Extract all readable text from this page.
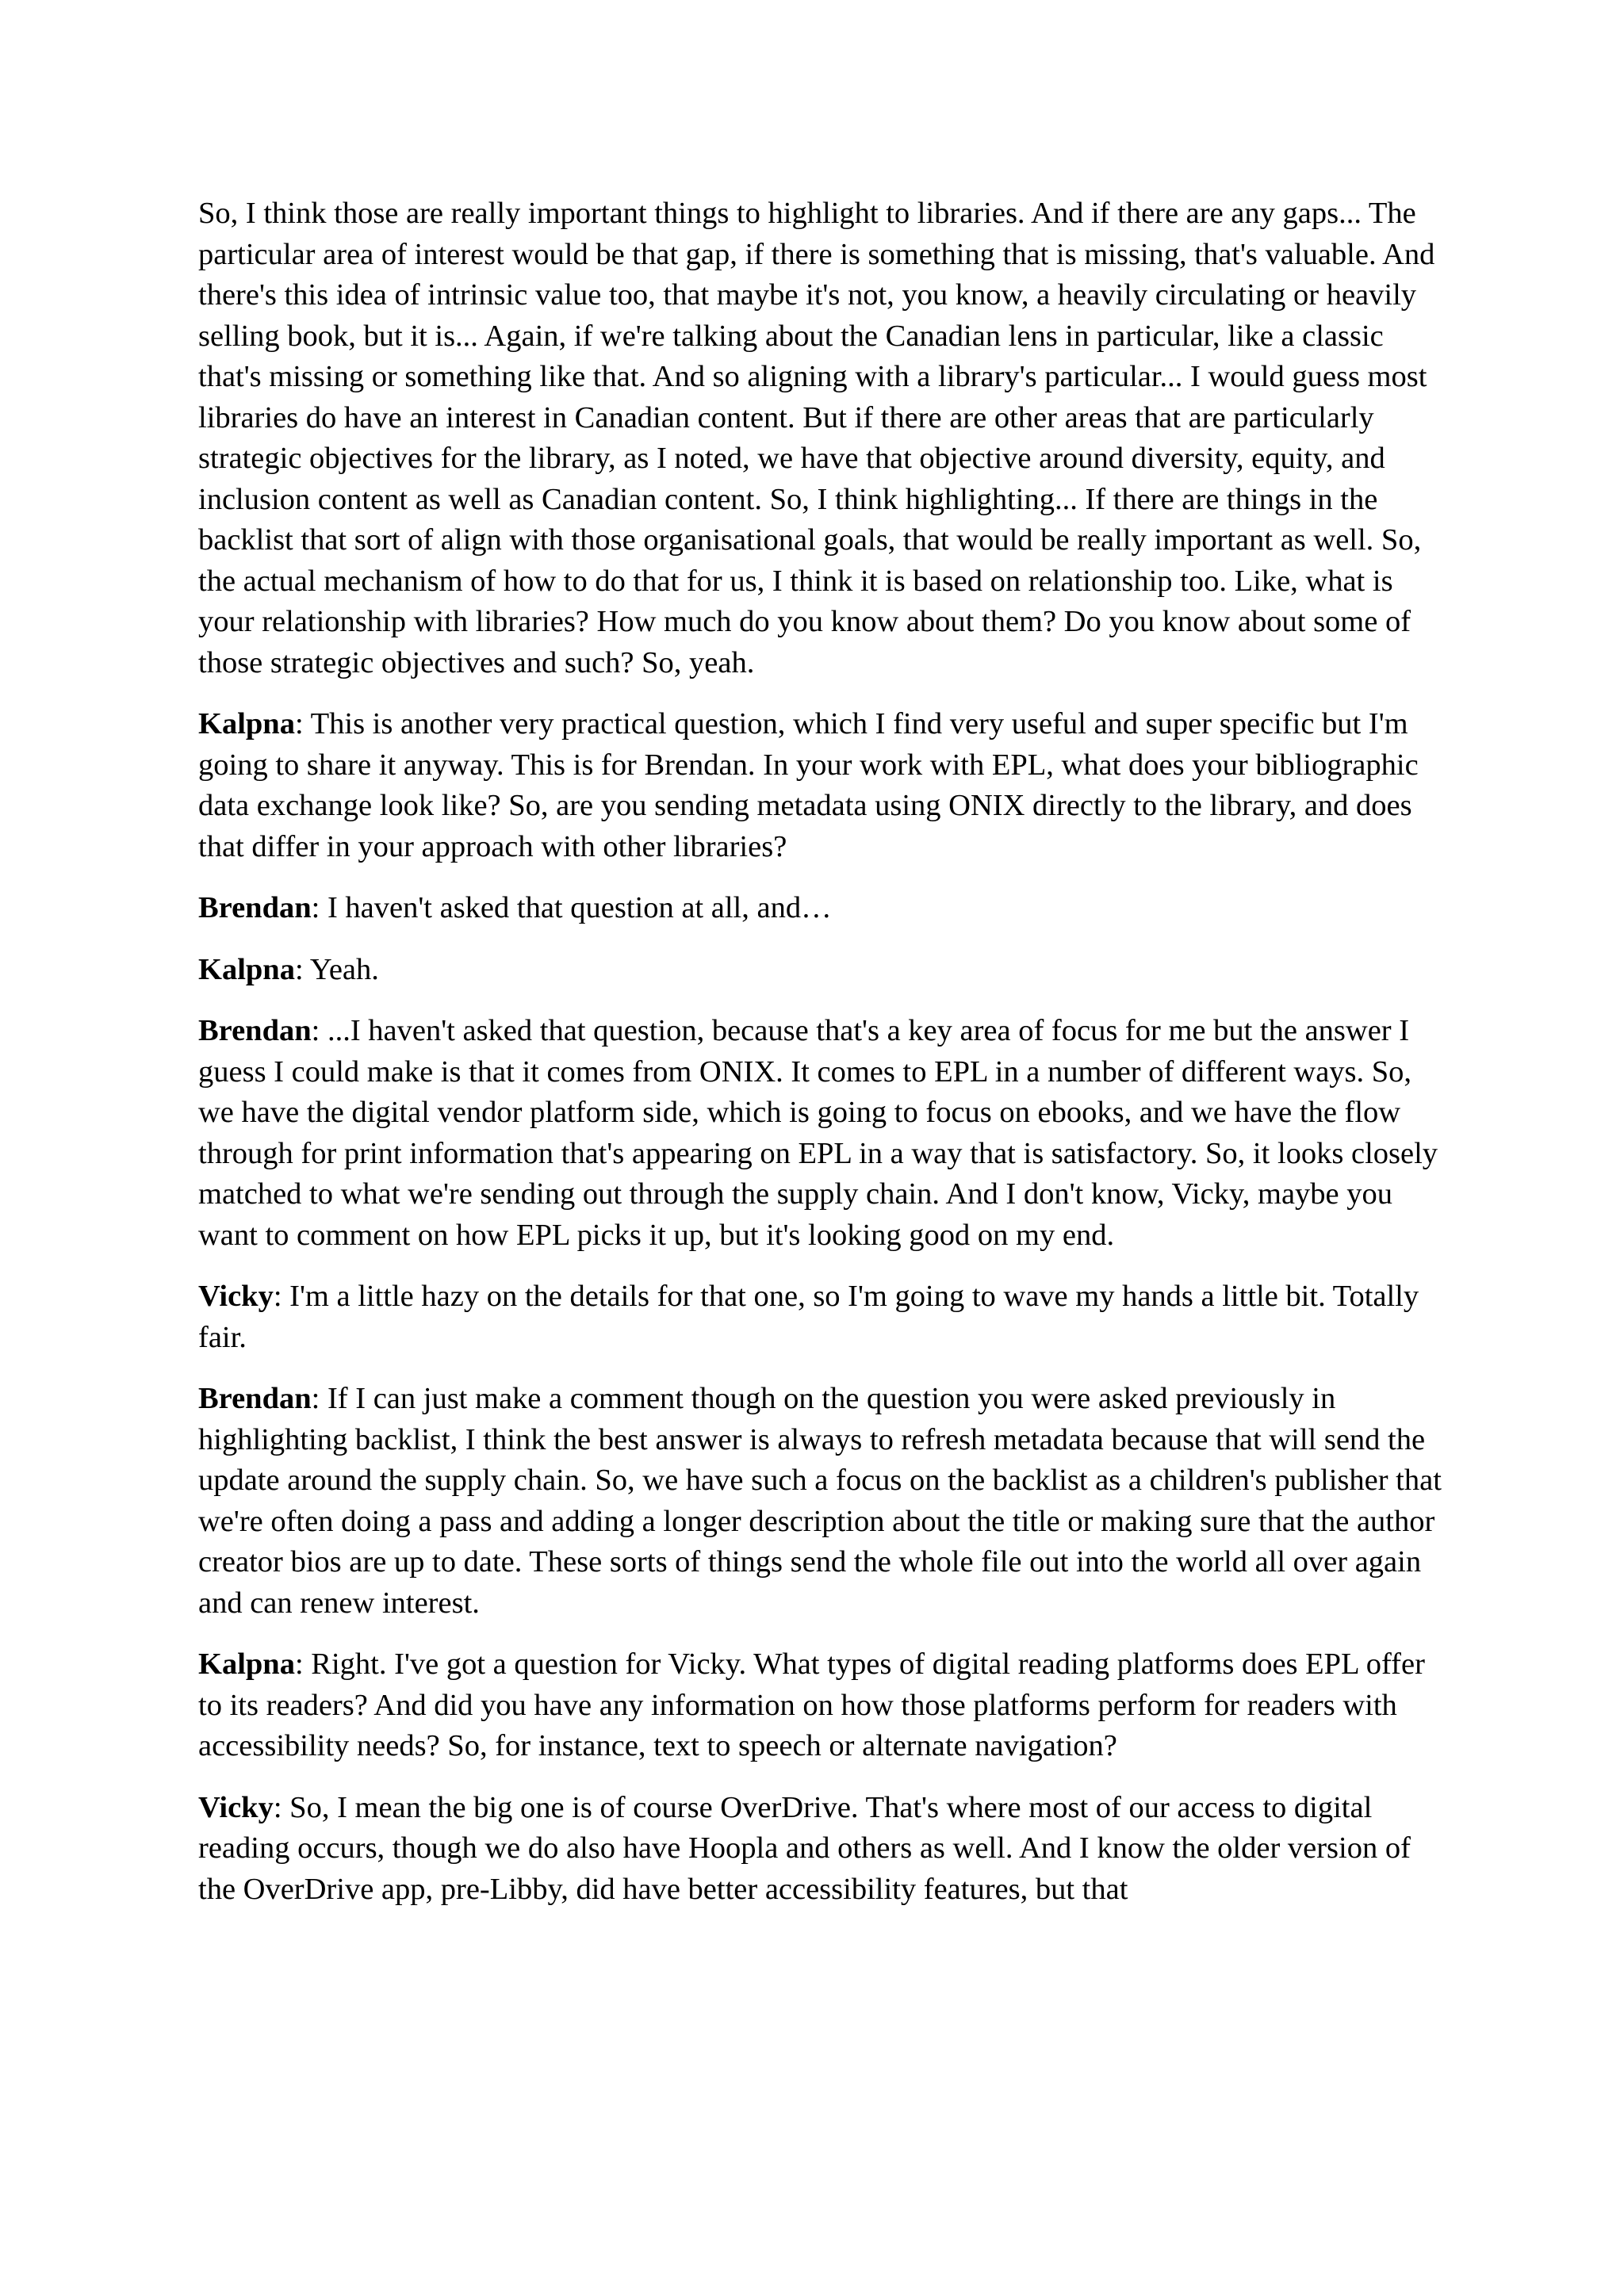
So, I think those are really important things to highlight to libraries. And if there are any gaps... The particular area of interest would be that gap, if there is something that is missing, that's valuable. And there's this idea of intrinsic value too, that maybe it's not, you know, a heavily circulating or heavily selling book, but it is... Again, if we're talking about the Canadian lens in particular, like a classic that's missing or something like that. And so aligning with a library's particular... I would guess most libraries do have an interest in Canadian content. But if there are other areas that are particularly strategic objectives for the library, as I noted, we have that objective around diversity, equity, and inclusion content as well as Canadian content. So, I think highlighting... If there are things in the backlist that sort of align with those organisational goals, that would be really important as well. So, the actual mechanism of how to do that for us, I think it is based on relationship too. Like, what is your relationship with libraries? How much do you know about them? Do you know about some of those strategic objectives and such? So, yeah.

Kalpna: This is another very practical question, which I find very useful and super specific but I'm going to share it anyway. This is for Brendan. In your work with EPL, what does your bibliographic data exchange look like? So, are you sending metadata using ONIX directly to the library, and does that differ in your approach with other libraries?

Brendan: I haven't asked that question at all, and…

Kalpna: Yeah.

Brendan: ...I haven't asked that question, because that's a key area of focus for me but the answer I guess I could make is that it comes from ONIX. It comes to EPL in a number of different ways. So, we have the digital vendor platform side, which is going to focus on ebooks, and we have the flow through for print information that's appearing on EPL in a way that is satisfactory. So, it looks closely matched to what we're sending out through the supply chain. And I don't know, Vicky, maybe you want to comment on how EPL picks it up, but it's looking good on my end.

Vicky: I'm a little hazy on the details for that one, so I'm going to wave my hands a little bit. Totally fair.

Brendan: If I can just make a comment though on the question you were asked previously in highlighting backlist, I think the best answer is always to refresh metadata because that will send the update around the supply chain. So, we have such a focus on the backlist as a children's publisher that we're often doing a pass and adding a longer description about the title or making sure that the author creator bios are up to date. These sorts of things send the whole file out into the world all over again and can renew interest.

Kalpna: Right. I've got a question for Vicky. What types of digital reading platforms does EPL offer to its readers? And did you have any information on how those platforms perform for readers with accessibility needs? So, for instance, text to speech or alternate navigation?

Vicky: So, I mean the big one is of course OverDrive. That's where most of our access to digital reading occurs, though we do also have Hoopla and others as well. And I know the older version of the OverDrive app, pre-Libby, did have better accessibility features, but that
